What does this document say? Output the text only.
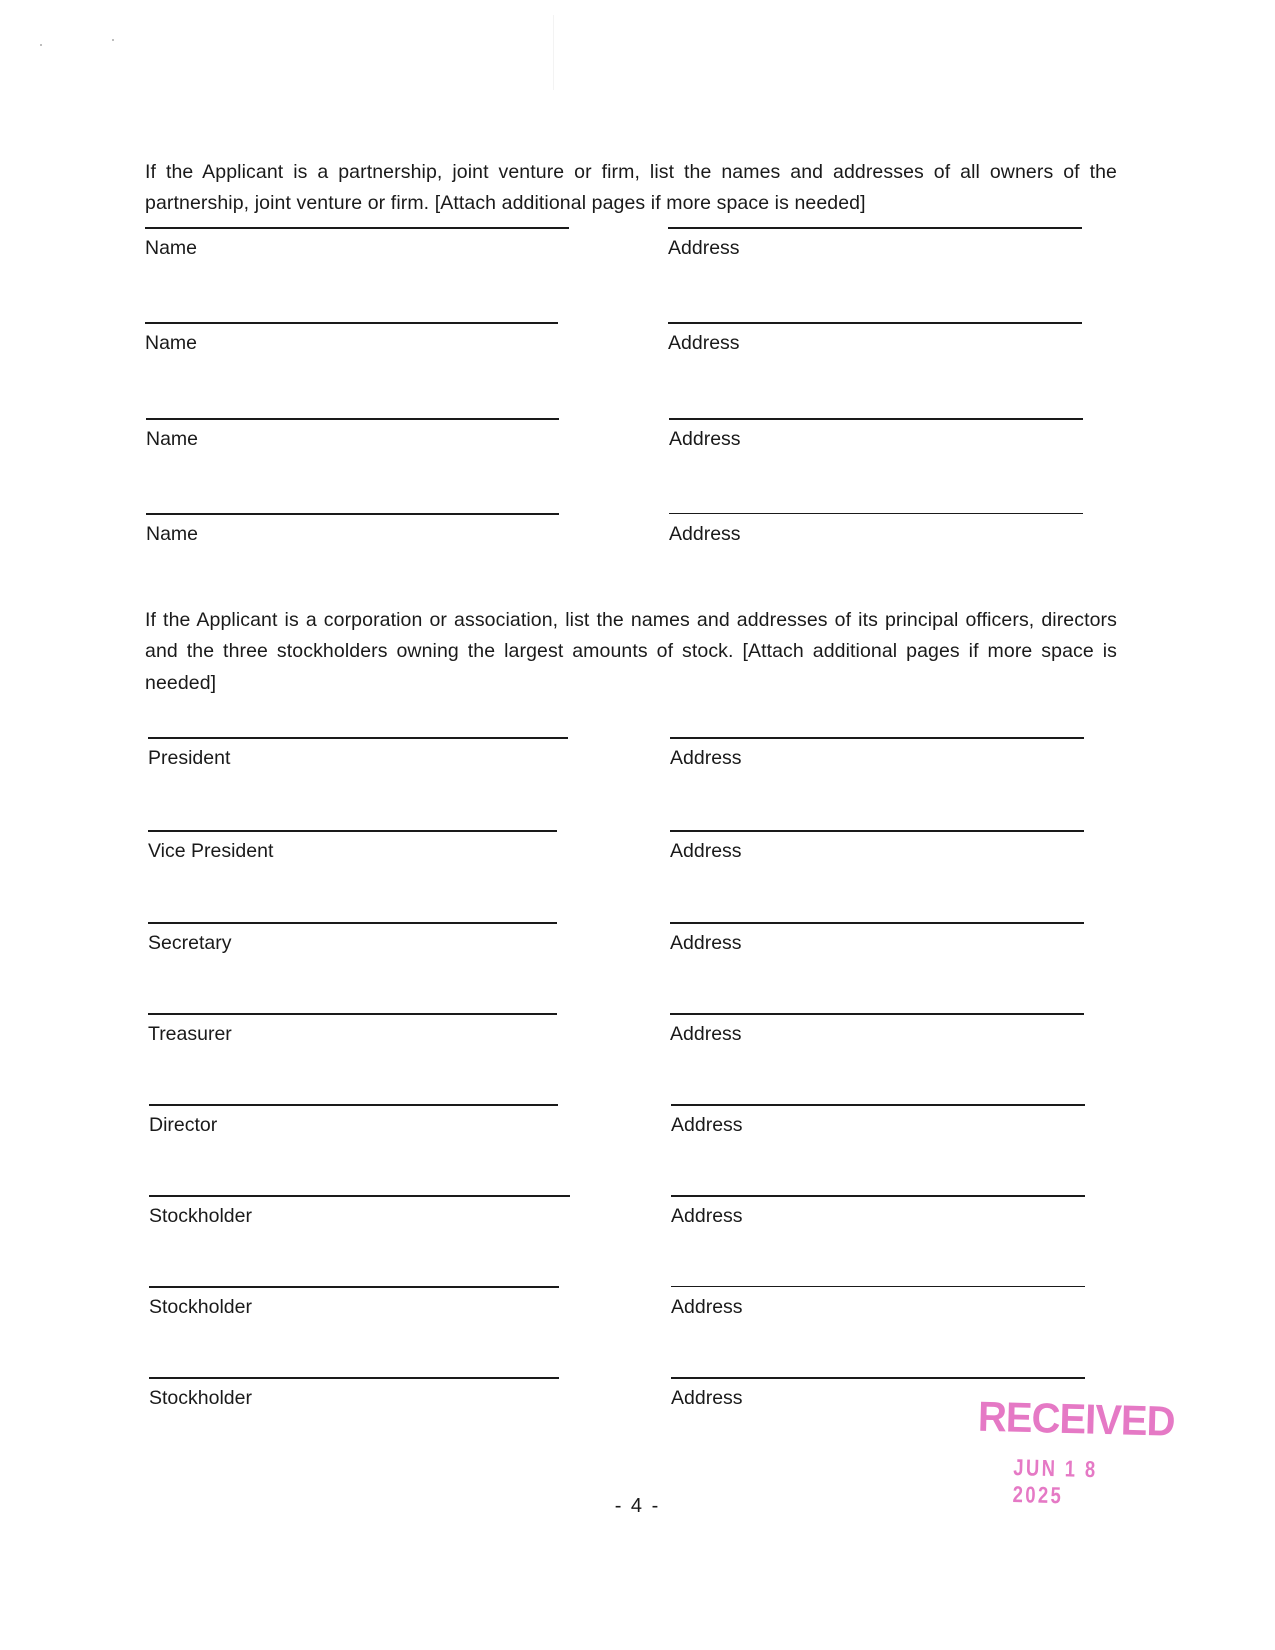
If the Applicant is a partnership, joint venture or firm, list the names and addresses of all owners of the partnership, joint venture or firm. [Attach additional pages if more space is needed]

Name	Address
Name	Address
Name	Address
Name	Address

If the Applicant is a corporation or association, list the names and addresses of its principal officers, directors and the three stockholders owning the largest amounts of stock. [Attach additional pages if more space is needed]

President	Address
Vice President	Address
Secretary	Address
Treasurer	Address
Director	Address
Stockholder	Address
Stockholder	Address
Stockholder	Address	RECEIVED
JUN 1 8 2025
- 4 -
